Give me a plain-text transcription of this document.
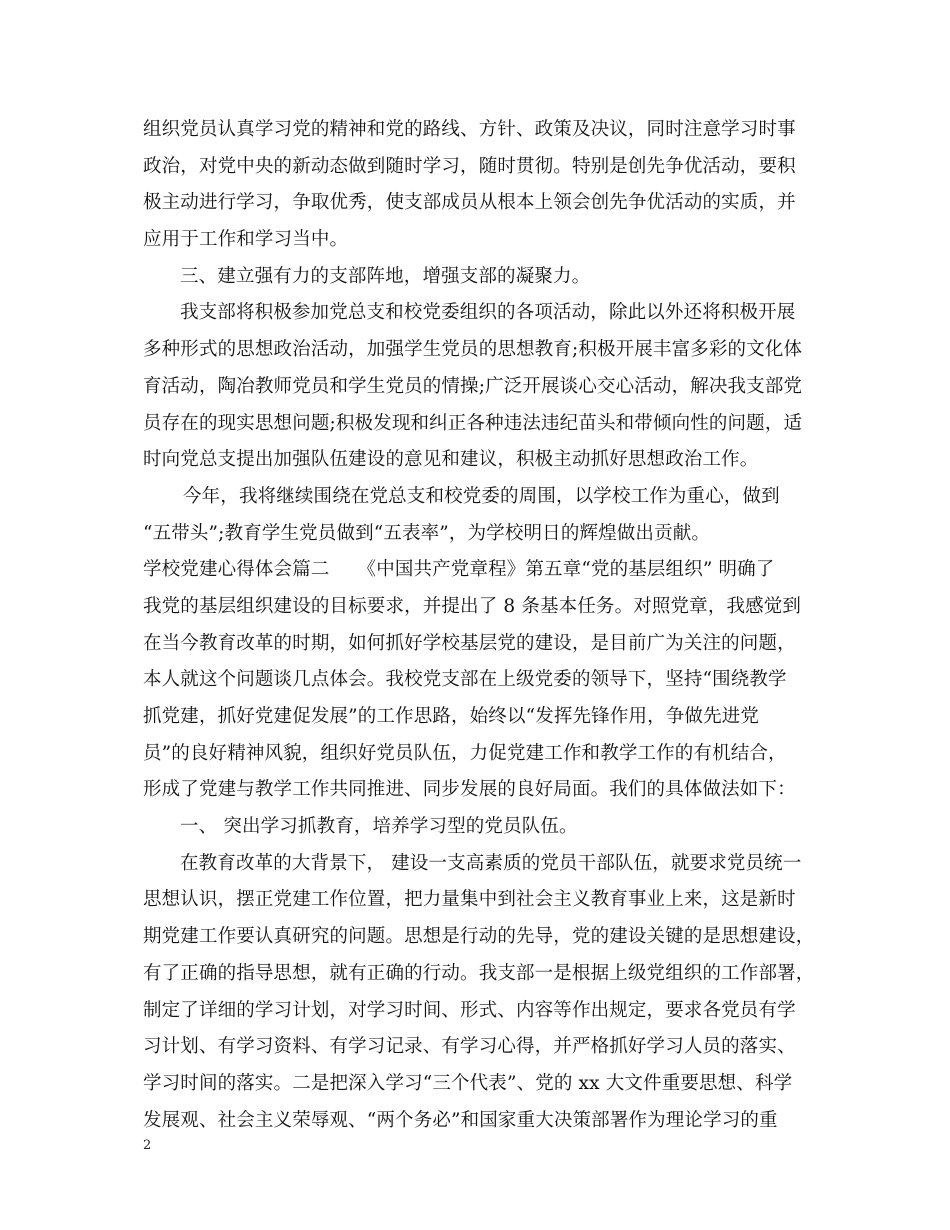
组织党员认真学习党的精神和党的路线、方针、政策及决议，同时注意学习时事
政治，对党中央的新动态做到随时学习，随时贯彻。特别是创先争优活动，要积
极主动进行学习，争取优秀，使支部成员从根本上领会创先争优活动的实质，并
应用于工作和学习当中。
三、建立强有力的支部阵地，增强支部的凝聚力。
我支部将积极参加党总支和校党委组织的各项活动，除此以外还将积极开展
多种形式的思想政治活动，加强学生党员的思想教育;积极开展丰富多彩的文化体
育活动，陶冶教师党员和学生党员的情操;广泛开展谈心交心活动，解决我支部党
员存在的现实思想问题;积极发现和纠正各种违法违纪苗头和带倾向性的问题，适
时向党总支提出加强队伍建设的意见和建议，积极主动抓好思想政治工作。
今年，我将继续围绕在党总支和校党委的周围，以学校工作为重心，做到
“五带头”;教育学生党员做到“五表率”，为学校明日的辉煌做出贡献。
学校党建心得体会篇二　　《中国共产党章程》第五章“党的基层组织” 明确了
我党的基层组织建设的目标要求，并提出了 8 条基本任务。对照党章，我感觉到
在当今教育改革的时期，如何抓好学校基层党的建设，是目前广为关注的问题，
本人就这个问题谈几点体会。我校党支部在上级党委的领导下，坚持“围绕教学
抓党建，抓好党建促发展”的工作思路，始终以“发挥先锋作用，争做先进党
员”的良好精神风貌，组织好党员队伍，力促党建工作和教学工作的有机结合，
形成了党建与教学工作共同推进、同步发展的良好局面。我们的具体做法如下：
一、 突出学习抓教育，培养学习型的党员队伍。
在教育改革的大背景下， 建设一支高素质的党员干部队伍，就要求党员统一
思想认识，摆正党建工作位置，把力量集中到社会主义教育事业上来，这是新时
期党建工作要认真研究的问题。思想是行动的先导，党的建设关键的是思想建设，
有了正确的指导思想，就有正确的行动。我支部一是根据上级党组织的工作部署，
制定了详细的学习计划，对学习时间、形式、内容等作出规定，要求各党员有学
习计划、有学习资料、有学习记录、有学习心得，并严格抓好学习人员的落实、
学习时间的落实。二是把深入学习“三个代表”、党的 xx 大文件重要思想、科学
发展观、社会主义荣辱观、“两个务必”和国家重大决策部署作为理论学习的重
2
